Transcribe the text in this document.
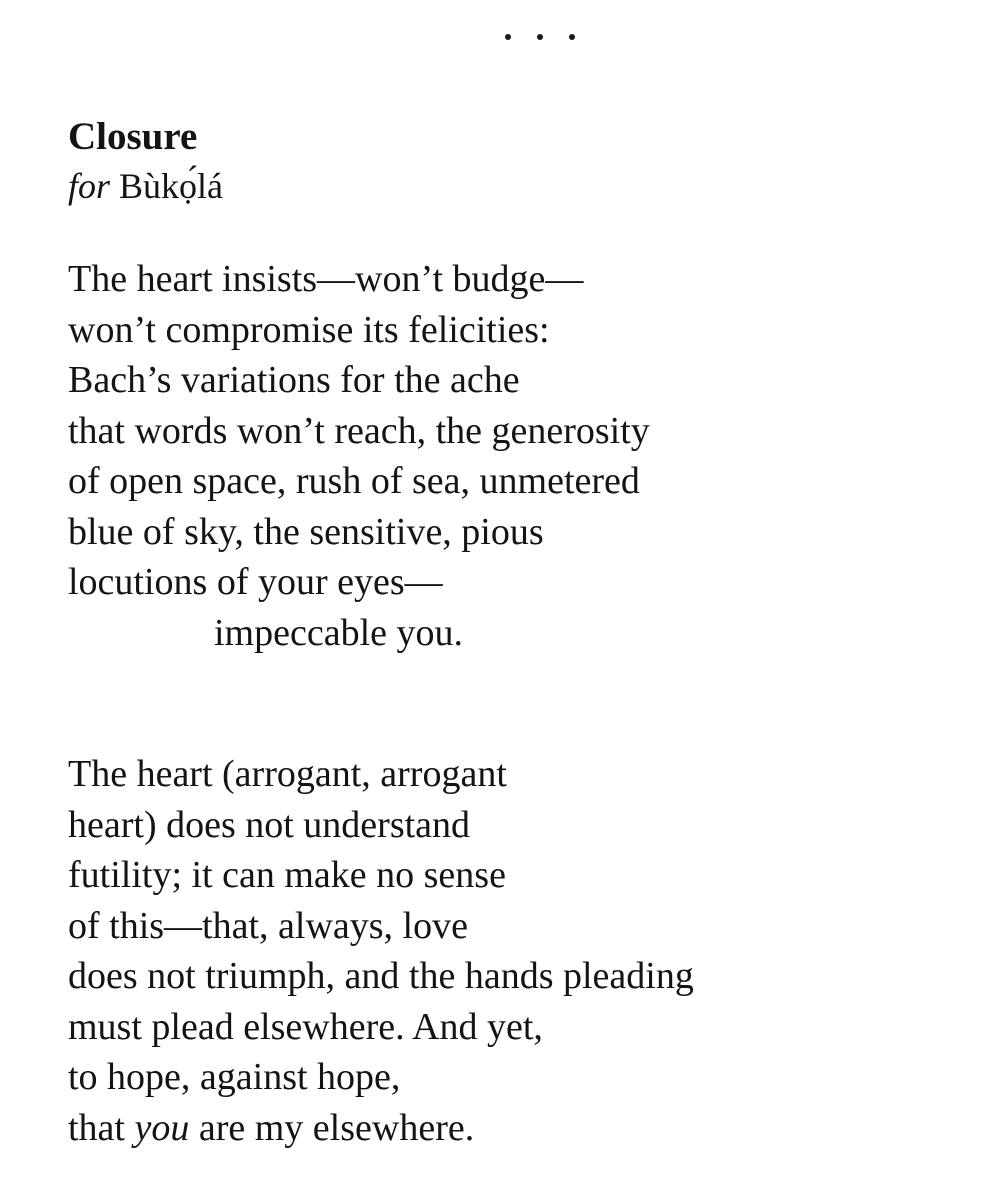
Closure

for Bùkọ́lá

The heart insists—won’t budge—
won’t compromise its felicities:
Bach’s variations for the ache
that words won’t reach, the generosity
of open space, rush of sea, unmetered
blue of sky, the sensitive, pious
locutions of your eyes—
impeccable you.

The heart (arrogant, arrogant
heart) does not understand
futility; it can make no sense
of this—that, always, love
does not triumph, and the hands pleading
must plead elsewhere. And yet,
to hope, against hope,
that you are my elsewhere.
